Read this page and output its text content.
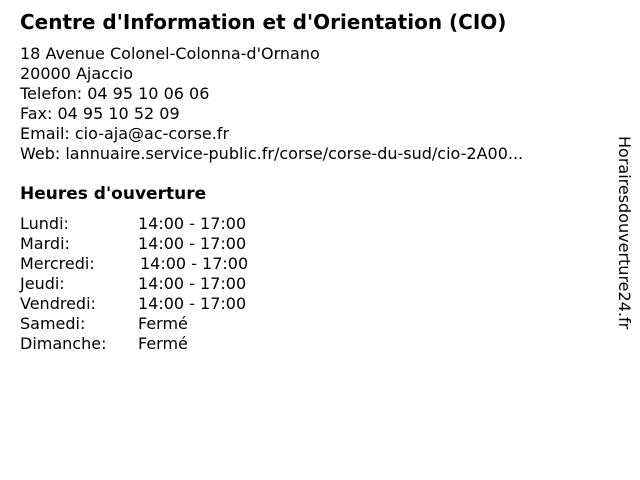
Centre d'Information et d'Orientation (CIO)
18 Avenue Colonel-Colonna-d'Ornano
20000 Ajaccio
Telefon: 04 95 10 06 06
Fax: 04 95 10 52 09
Email: cio-aja@ac-corse.fr
Web: lannuaire.service-public.fr/corse/corse-du-sud/cio-2A00...
Heures d'ouverture
Lundi:	14:00 - 17:00
Mardi:	14:00 - 17:00
Mercredi:	14:00 - 17:00
Jeudi:	14:00 - 17:00
Vendredi:	14:00 - 17:00
Samedi:	Fermé
Dimanche: Fermé
Horairesdouverture24.fr
